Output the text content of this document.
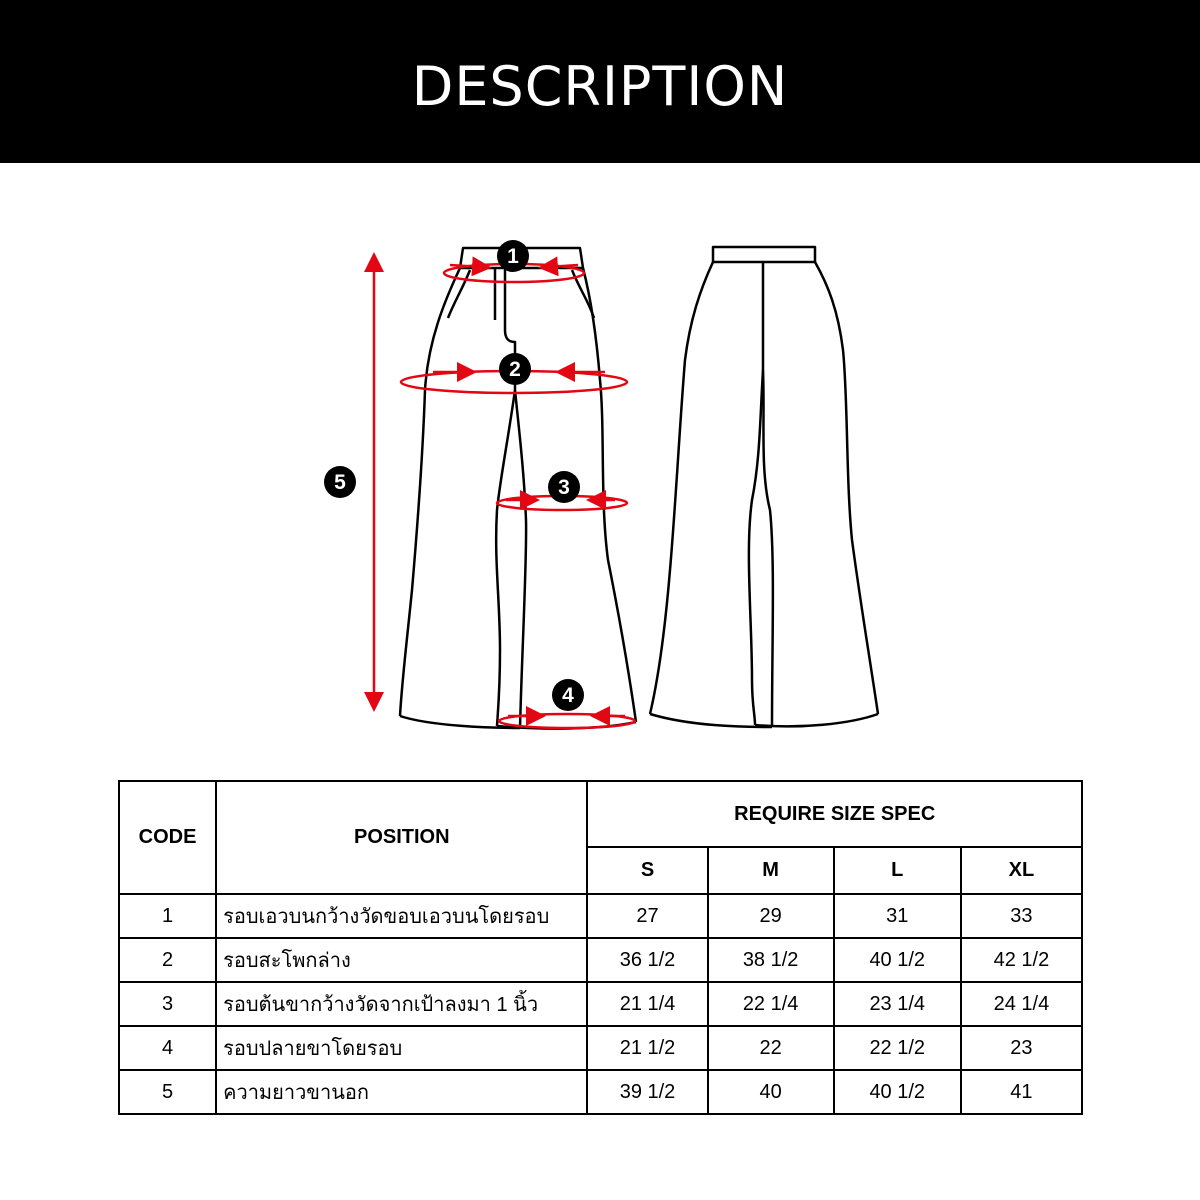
DESCRIPTION
1
2
3
4
5
CODE	POSITION	REQUIRE SIZE SPEC			
		S	M	L	XL
1	รอบเอวบนกว้างวัดขอบเอวบนโดยรอบ	27	29	31	33
2	รอบสะโพกล่าง	36 1/2	38 1/2	40 1/2	42 1/2
3	รอบต้นขากว้างวัดจากเป้าลงมา 1 นิ้ว	21 1/4	22 1/4	23 1/4	24 1/4
4	รอบปลายขาโดยรอบ	21 1/2	22	22 1/2	23
5	ความยาวขานอก	39 1/2	40	40 1/2	41
